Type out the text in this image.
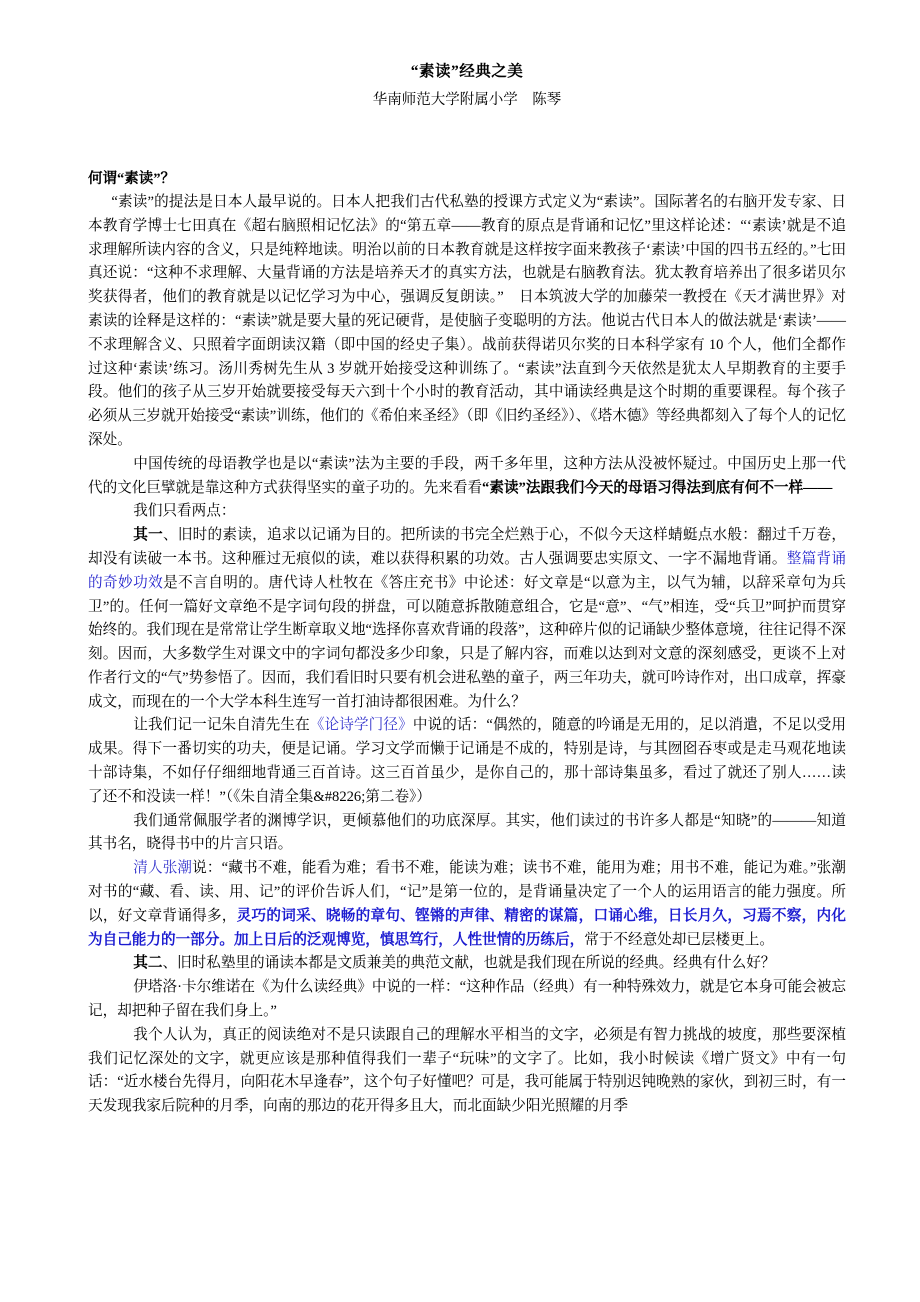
“素读”经典之美
华南师范大学附属小学　陈琴
何谓“素读”？

“素读”的提法是日本人最早说的。日本人把我们古代私塾的授课方式定义为“素读”。国际著名的右脑开发专家、日本教育学博士七田真在《超右脑照相记忆法》的“第五章——教育的原点是背诵和记忆”里这样论述：“‘素读’就是不追求理解所读内容的含义，只是纯粹地读。明治以前的日本教育就是这样按字面来教孩子‘素读’中国的四书五经的。”七田真还说：“这种不求理解、大量背诵的方法是培养天才的真实方法，也就是右脑教育法。犹太教育培养出了很多诺贝尔奖获得者，他们的教育就是以记忆学习为中心，强调反复朗读。”　日本筑波大学的加藤荣一教授在《天才满世界》对素读的诠释是这样的：“素读”就是要大量的死记硬背，是使脑子变聪明的方法。他说古代日本人的做法就是‘素读’——不求理解含义、只照着字面朗读汉籍（即中国的经史子集）。战前获得诺贝尔奖的日本科学家有 10 个人，他们全都作过这种‘素读’练习。汤川秀树先生从 3 岁就开始接受这种训练了。“素读”法直到今天依然是犹太人早期教育的主要手段。他们的孩子从三岁开始就要接受每天六到十个小时的教育活动，其中诵读经典是这个时期的重要课程。每个孩子必须从三岁就开始接受“素读”训练，他们的《希伯来圣经》（即《旧约圣经》）、《塔木德》等经典都刻入了每个人的记忆深处。

中国传统的母语教学也是以“素读”法为主要的手段，两千多年里，这种方法从没被怀疑过。中国历史上那一代代的文化巨擘就是靠这种方式获得坚实的童子功的。先来看看“素读”法跟我们今天的母语习得法到底有何不一样——

我们只看两点：

其一、旧时的素读，追求以记诵为目的。把所读的书完全烂熟于心，不似今天这样蜻蜓点水般：翻过千万卷，却没有读破一本书。这种雁过无痕似的读，难以获得积累的功效。古人强调要忠实原文、一字不漏地背诵。整篇背诵的奇妙功效是不言自明的。唐代诗人杜牧在《答庄充书》中论述：好文章是“以意为主，以气为辅，以辞采章句为兵卫”的。任何一篇好文章绝不是字词句段的拼盘，可以随意拆散随意组合，它是“意”、“气”相连，受“兵卫”呵护而贯穿始终的。我们现在是常常让学生断章取义地“选择你喜欢背诵的段落”，这种碎片似的记诵缺少整体意境，往往记得不深刻。因而，大多数学生对课文中的字词句都没多少印象，只是了解内容，而难以达到对文意的深刻感受，更谈不上对作者行文的“气”势参悟了。因而，我们看旧时只要有机会进私塾的童子，两三年功夫，就可吟诗作对，出口成章，挥豪成文，而现在的一个大学本科生连写一首打油诗都很困难。为什么？

让我们记一记朱自清先生在《论诗学门径》中说的话：“偶然的，随意的吟诵是无用的，足以消遣，不足以受用成果。得下一番切实的功夫，便是记诵。学习文学而懒于记诵是不成的，特别是诗，与其囫囵吞枣或是走马观花地读十部诗集，不如仔仔细细地背通三百首诗。这三百首虽少，是你自己的，那十部诗集虽多，看过了就还了别人……读了还不和没读一样！”（《朱自清全集&#8226;第二卷》）

我们通常佩服学者的渊博学识，更倾慕他们的功底深厚。其实，他们读过的书许多人都是“知晓”的———知道其书名，晓得书中的片言只语。

清人张潮说：“藏书不难，能看为难；看书不难，能读为难；读书不难，能用为难；用书不难，能记为难。”张潮对书的“藏、看、读、用、记”的评价告诉人们，“记”是第一位的，是背诵量决定了一个人的运用语言的能力强度。所以，好文章背诵得多，灵巧的词采、晓畅的章句、铿锵的声律、精密的谋篇，口诵心维，日长月久，习焉不察，内化为自己能力的一部分。加上日后的泛观博览，慎思笃行，人性世情的历练后，常于不经意处却已层楼更上。

其二、旧时私塾里的诵读本都是文质兼美的典范文献，也就是我们现在所说的经典。经典有什么好？

伊塔洛·卡尔维诺在《为什么读经典》中说的一样：“这种作品（经典）有一种特殊效力，就是它本身可能会被忘记，却把种子留在我们身上。”

我个人认为，真正的阅读绝对不是只读跟自己的理解水平相当的文字，必须是有智力挑战的坡度，那些要深植我们记忆深处的文字，就更应该是那种值得我们一辈子“玩味”的文字了。比如，我小时候读《增广贤文》中有一句话：“近水楼台先得月，向阳花木早逢春”，这个句子好懂吧？可是，我可能属于特别迟钝晚熟的家伙，到初三时，有一天发现我家后院种的月季，向南的那边的花开得多且大，而北面缺少阳光照耀的月季
